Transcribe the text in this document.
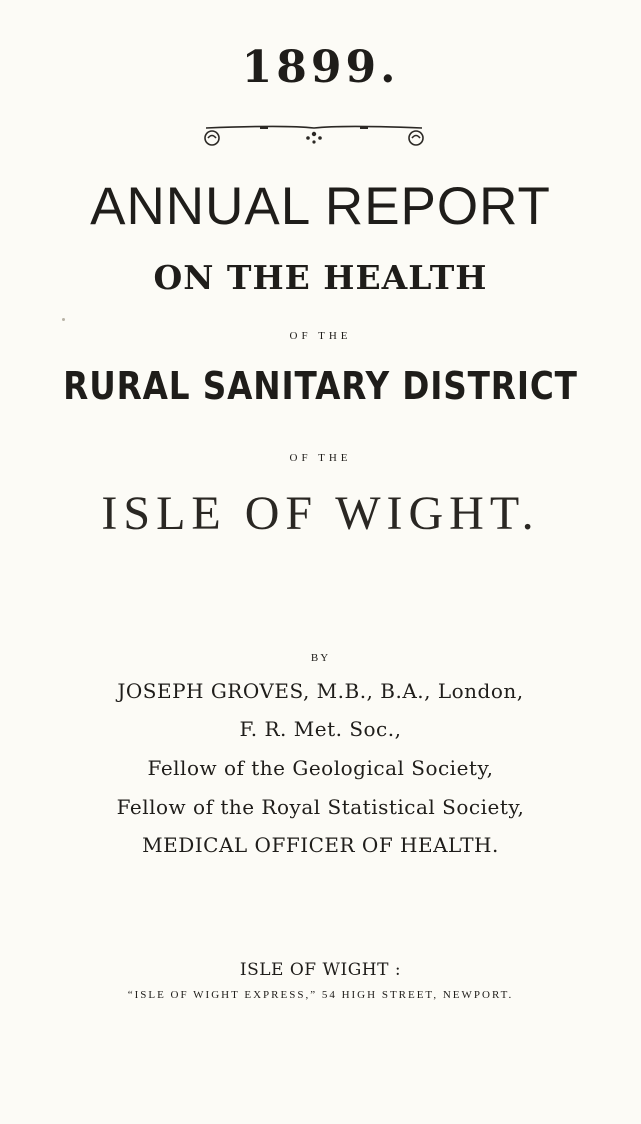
1899.
ANNUAL REPORT
ON THE HEALTH
OF THE
RURAL SANITARY DISTRICT
OF THE
ISLE OF WIGHT.
BY
JOSEPH GROVES, M.B., B.A., London,
F. R. Met. Soc.,
Fellow of the Geological Society,
Fellow of the Royal Statistical Society,
MEDICAL OFFICER OF HEALTH.
ISLE OF WIGHT :
“ISLE OF WIGHT EXPRESS,” 54 HIGH STREET, NEWPORT.
